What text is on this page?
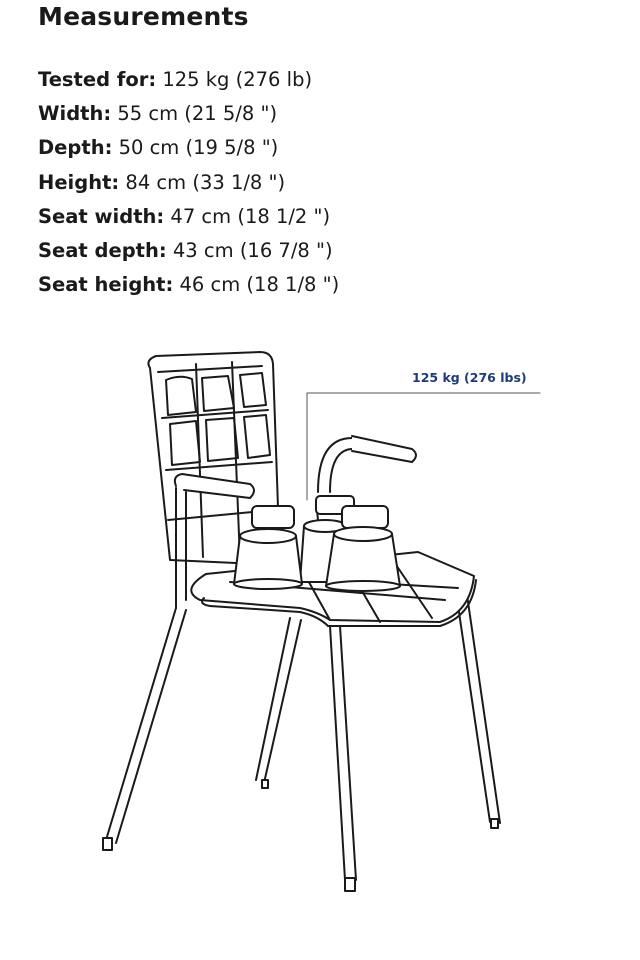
Measurements
Tested for: 125 kg (276 lb)
Width: 55 cm (21 5/8 ")
Depth: 50 cm (19 5/8 ")
Height: 84 cm (33 1/8 ")
Seat width: 47 cm (18 1/2 ")
Seat depth: 43 cm (16 7/8 ")
Seat height: 46 cm (18 1/8 ")
125 kg (276 lbs)
